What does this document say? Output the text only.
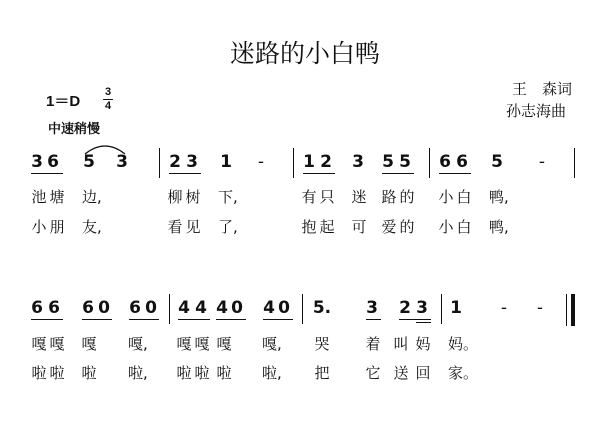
迷路的小白鸭
王　森词
孙志海曲
1＝D
3
4
中速稍慢
3 6 5 3 2 3 1 - 1 2 3 5 5 6 6 5 -
池 塘 边,	柳 树 下,	有 只 迷 路 的 小 白 鸭,
小 朋 友,	看 见 了,	抱 起 可 爱 的 小 白 鸭,
6 6 6 0 6 0 4 4 4 0 4 0 5. 3 2 3 1 - -
嘎 嘎 嘎 嘎, 嘎 嘎 嘎 嘎, 哭 着 叫 妈 妈。
啦 啦 啦 啦, 啦 啦 啦 啦, 把 它 送 回 家。
